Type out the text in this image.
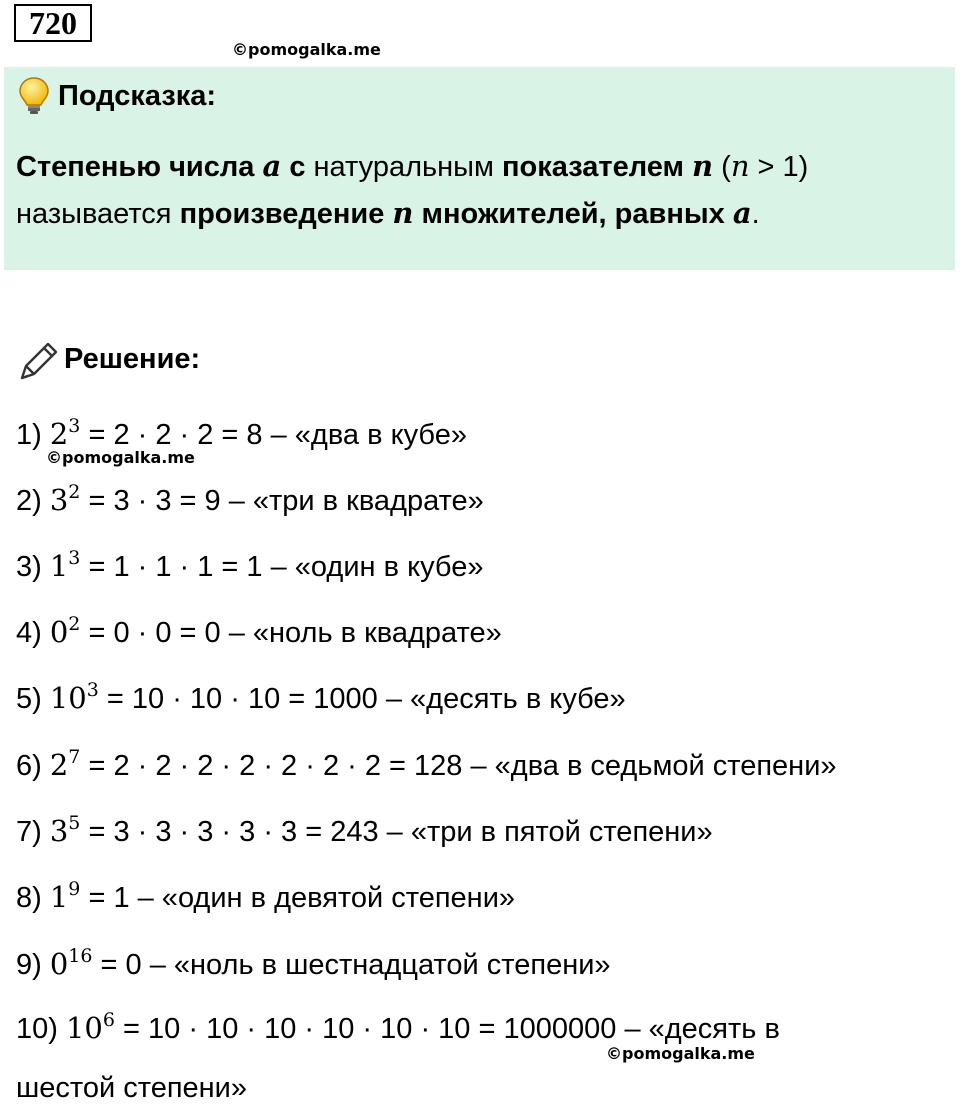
720
©pomogalka.me
Подсказка:
Степенью числа a с натуральным показателем n (n > 1)
называется произведение n множителей, равных a.
Решение:
1) $2^3 = 2 \cdot 2 \cdot 2 = 8$ – «два в кубе»
2) $3^2 = 3 \cdot 3 = 9$ – «три в квадрате»
3) $1^3 = 1 \cdot 1 \cdot 1 = 1$ – «один в кубе»
4) $0^2 = 0 \cdot 0 = 0$ – «ноль в квадрате»
5) $10^3 = 10 \cdot 10 \cdot 10 = 1000$ – «десять в кубе»
6) $2^7 = 2 \cdot 2 \cdot 2 \cdot 2 \cdot 2 \cdot 2 \cdot 2 = 128$ – «два в седьмой степени»
7) $3^5 = 3 \cdot 3 \cdot 3 \cdot 3 \cdot 3 = 243$ – «три в пятой степени»
8) $1^9 = 1$ – «один в девятой степени»
9) $0^{16} = 0$ – «ноль в шестнадцатой степени»
10) $10^6 = 10 \cdot 10 \cdot 10 \cdot 10 \cdot 10 \cdot 10 = 1000000$ – «десять в
шестой степени»
©pomogalka.me
©pomogalka.me
